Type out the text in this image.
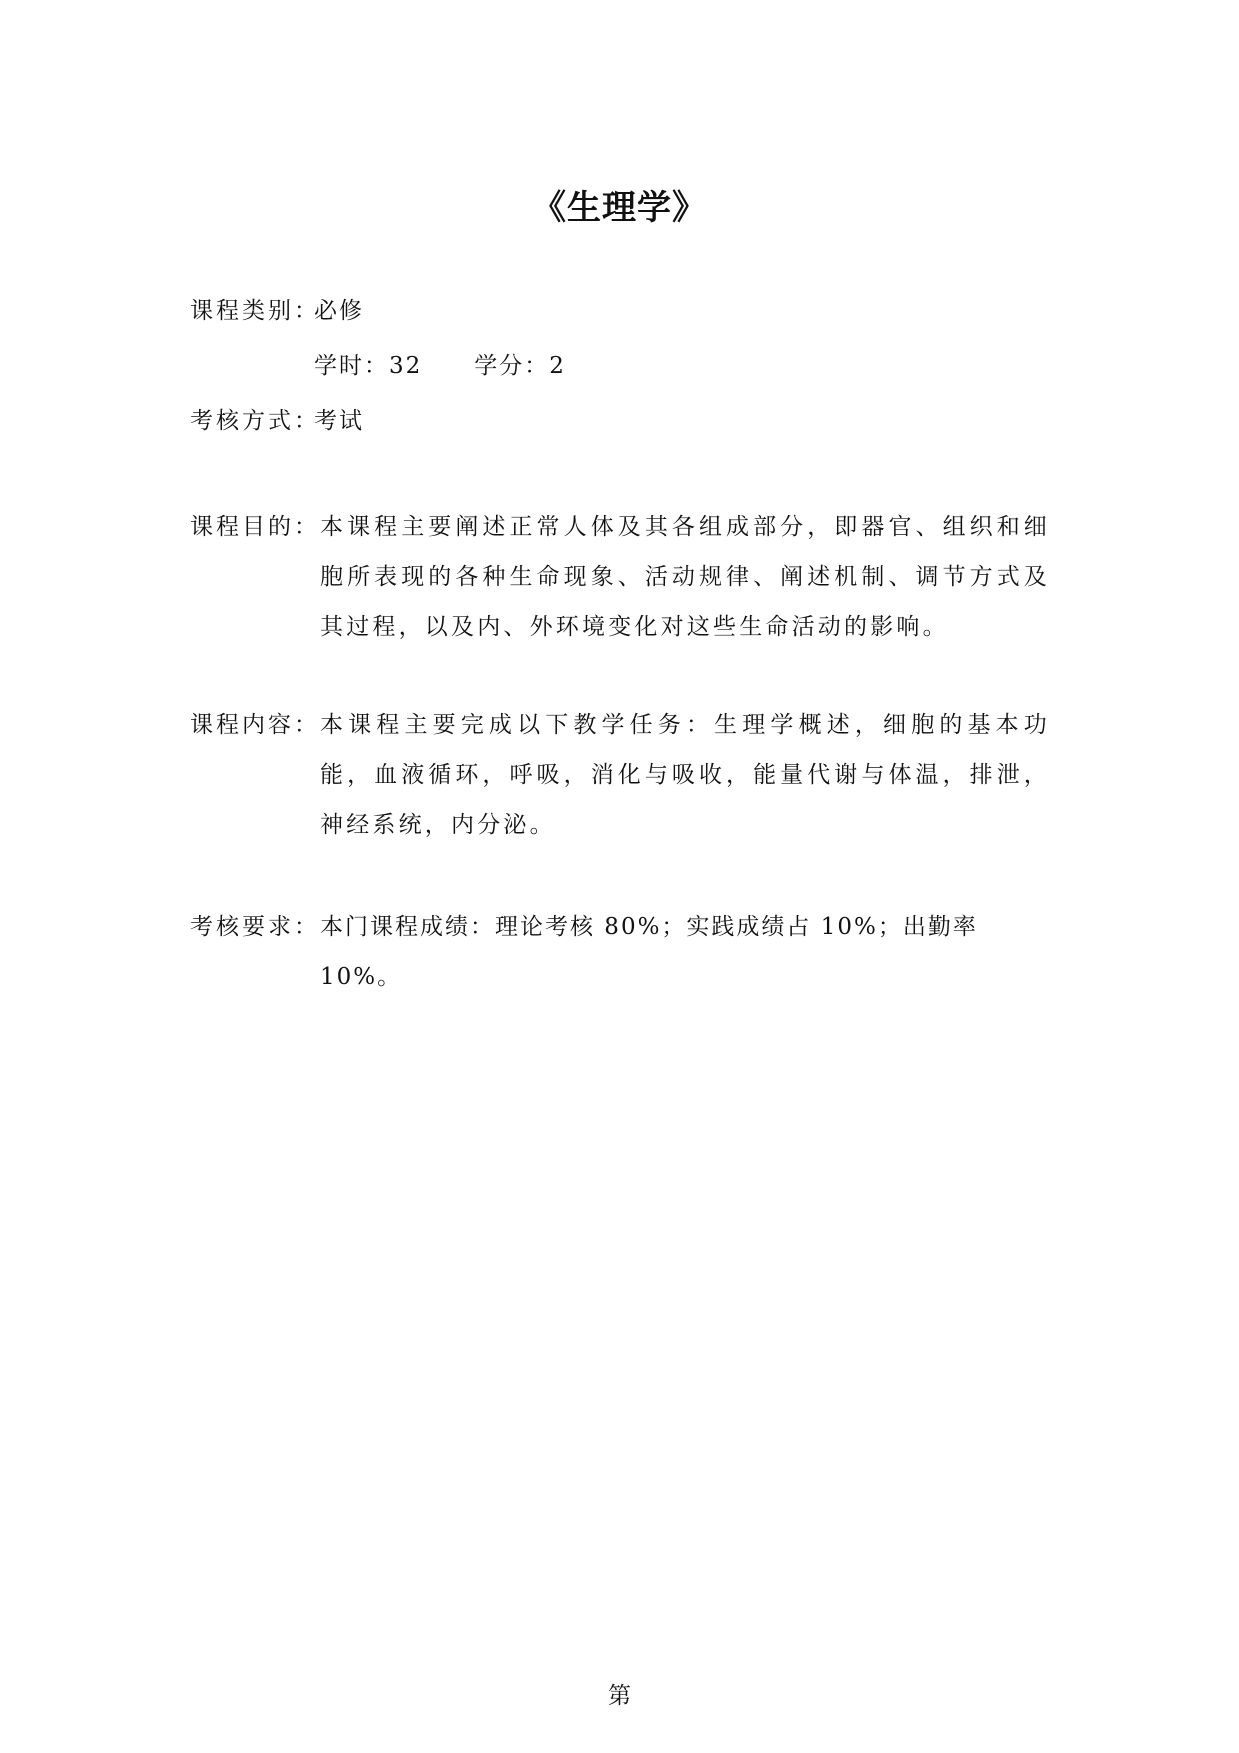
《生理学》
课程类别：必修
学时：32 学分：2
考核方式：考试
课程目的： 本课程主要阐述正常人体及其各组成部分，即器官、组织和细胞所表现的各种生命现象、活动规律、阐述机制、调节方式及其过程，以及内、外环境变化对这些生命活动的影响。
课程内容： 本课程主要完成以下教学任务：生理学概述，细胞的基本功能，血液循环，呼吸，消化与吸收，能量代谢与体温，排泄，神经系统，内分泌。
考核要求： 本门课程成绩：理论考核 80%；实践成绩占 10%；出勤率 10%。
第
